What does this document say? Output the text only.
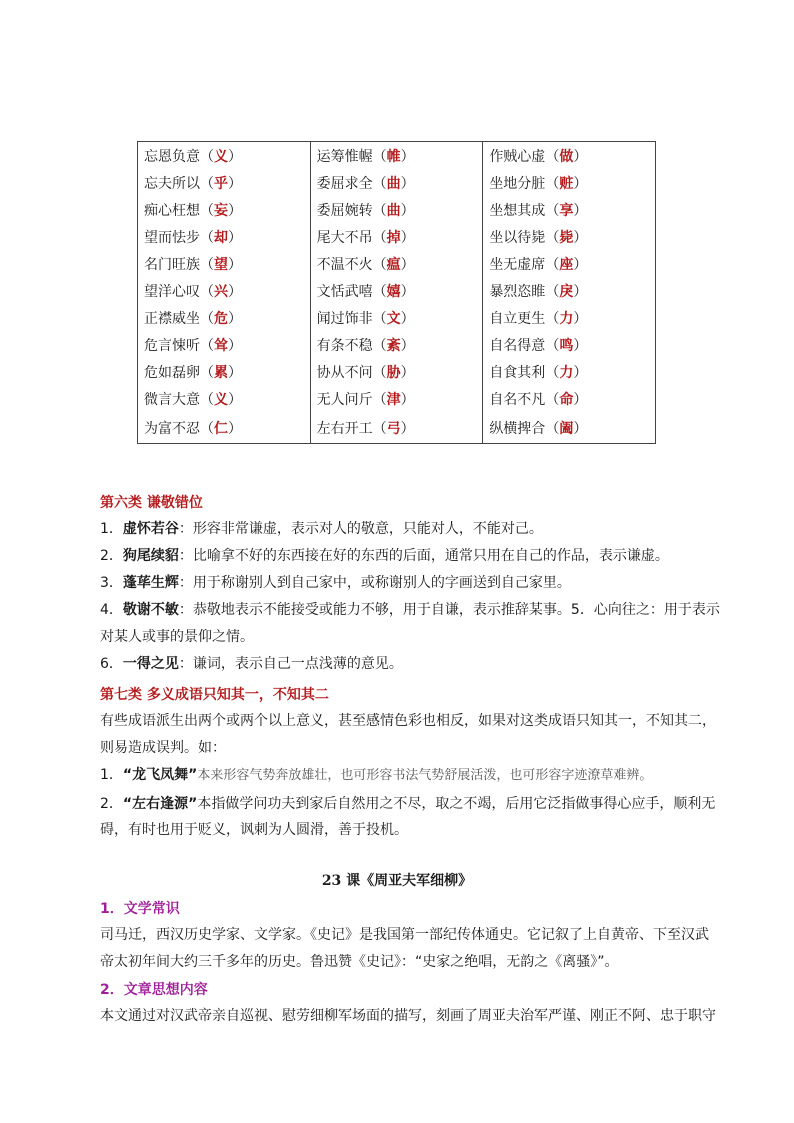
忘恩负意（义）	运筹惟幄（帷）	作贼心虚（做）
忘夫所以（乎）	委屈求全（曲）	坐地分脏（赃）
痴心枉想（妄）	委屈婉转（曲）	坐想其成（享）
望而怯步（却）	尾大不吊（掉）	坐以待毙（毙）
名门旺族（望）	不温不火（瘟）	坐无虚席（座）
望洋心叹（兴）	文恬武嘻（嬉）	暴烈恣睢（戾）
正襟威坐（危）	闻过饰非（文）	自立更生（力）
危言悚听（耸）	有条不稳（紊）	自名得意（鸣）
危如磊卵（累）	协从不问（胁）	自食其利（力）
微言大意（义）	无人问斤（津）	自名不凡（命）
为富不忍（仁）	左右开工（弓）	纵横捭合（阖）
第六类 谦敬错位
1．虚怀若谷：形容非常谦虚，表示对人的敬意，只能对人，不能对己。
2．狗尾续貂：比喻拿不好的东西接在好的东西的后面，通常只用在自己的作品，表示谦虚。
3．蓬荜生辉：用于称谢别人到自己家中，或称谢别人的字画送到自己家里。
4．敬谢不敏：恭敬地表示不能接受或能力不够，用于自谦，表示推辞某事。5．心向往之：用于表示
对某人或事的景仰之情。
6．一得之见：谦词，表示自己一点浅薄的意见。
第七类 多义成语只知其一，不知其二
有些成语派生出两个或两个以上意义，甚至感情色彩也相反，如果对这类成语只知其一，不知其二，
则易造成误判。如：
1．“龙飞凤舞”本来形容气势奔放雄壮，也可形容书法气势舒展活泼，也可形容字迹潦草难辨。
2．“左右逢源”本指做学问功夫到家后自然用之不尽，取之不竭，后用它泛指做事得心应手，顺利无
碍，有时也用于贬义，讽刺为人圆滑，善于投机。
23 课《周亚夫军细柳》
1．文学常识
司马迁，西汉历史学家、文学家。《史记》是我国第一部纪传体通史。它记叙了上自黄帝、下至汉武
帝太初年间大约三千多年的历史。鲁迅赞《史记》：“史家之绝唱，无韵之《离骚》”。
2．文章思想内容
本文通过对汉武帝亲自巡视、慰劳细柳军场面的描写，刻画了周亚夫治军严谨、刚正不阿、忠于职守
